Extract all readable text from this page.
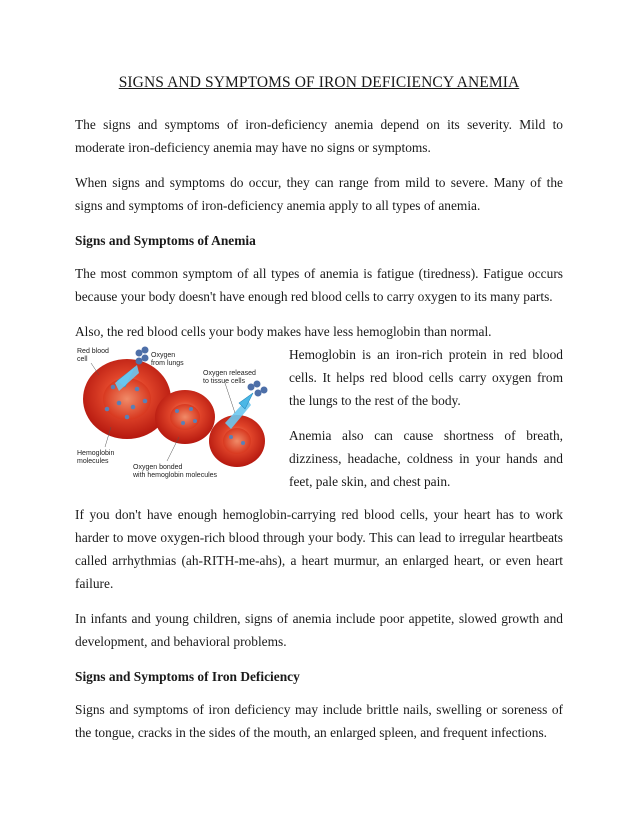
SIGNS AND SYMPTOMS OF IRON DEFICIENCY ANEMIA

The signs and symptoms of iron-deficiency anemia depend on its severity. Mild to moderate iron-deficiency anemia may have no signs or symptoms.

When signs and symptoms do occur, they can range from mild to severe. Many of the signs and symptoms of iron-deficiency anemia apply to all types of anemia.

Signs and Symptoms of Anemia

The most common symptom of all types of anemia is fatigue (tiredness). Fatigue occurs because your body doesn't have enough red blood cells to carry oxygen to its many parts.

Also, the red blood cells your body makes have less hemoglobin than normal.

Red blood
cell
Oxygen
from lungs
Oxygen released
to tissue cells
Hemoglobin
molecules
Oxygen bonded
with hemoglobin molecules

Hemoglobin is an iron-rich protein in red blood cells. It helps red blood cells carry oxygen from the lungs to the rest of the body.

Anemia also can cause shortness of breath, dizziness, headache, coldness in your hands and feet, pale skin, and chest pain.

If you don't have enough hemoglobin-carrying red blood cells, your heart has to work harder to move oxygen-rich blood through your body. This can lead to irregular heartbeats called arrhythmias (ah-RITH-me-ahs), a heart murmur, an enlarged heart, or even heart failure.

In infants and young children, signs of anemia include poor appetite, slowed growth and development, and behavioral problems.

Signs and Symptoms of Iron Deficiency

Signs and symptoms of iron deficiency may include brittle nails, swelling or soreness of the tongue, cracks in the sides of the mouth, an enlarged spleen, and frequent infections.
